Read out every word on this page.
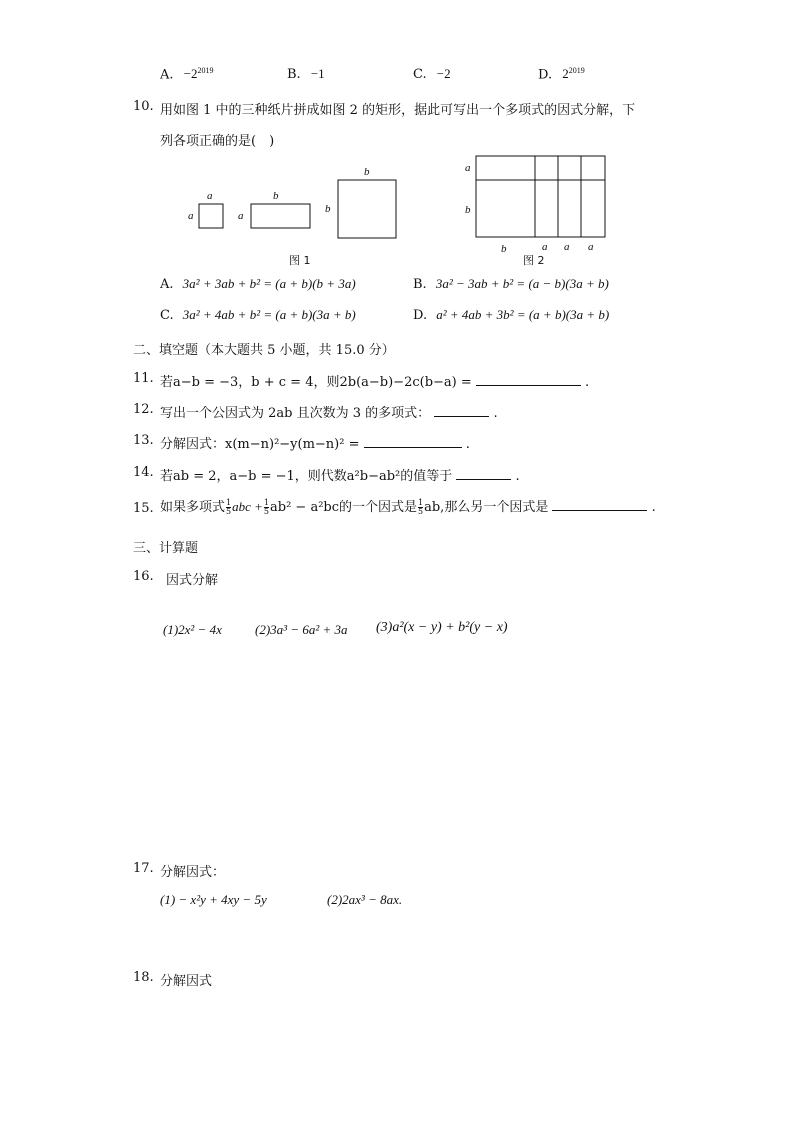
A. $-2^{2019}$	B. −1	C. −2	D. $2^{2019}$
10. 用如图 1 中的三种纸片拼成如图 2 的矩形，据此可写出一个多项式的因式分解，下
列各项正确的是(　)
a
a
b
a
b
b
图 1
a
b
b	a a a
图 2
A. 3a² + 3ab + b² = (a + b)(b + 3a)	B. 3a² − 3ab + b² = (a − b)(3a + b)
C. 3a² + 4ab + b² = (a + b)(3a + b)	D. a² + 4ab + 3b² = (a + b)(3a + b)
二、填空题（本大题共 5 小题，共 15.0 分）
11. 若a−b = −3，b + c = 4，则2b(a−b)−2c(b−a) =	.
12. 写出一个公因式为 2ab 且次数为 3 的多项式：	.
13. 分解因式：x(m−n)²−y(m−n)² =	.
14. 若ab = 2，a−b = −1，则代数a²b−ab²的值等于	.
15. 如果多项式 $\frac{1}{5}$ abc + $\frac{1}{5} ab^2 - a^2bc$的一个因式是 $\frac{1}{5}$ ab,那么另一个因式是	.
三、计算题
16. 因式分解
(1)2x² − 4x	(2)3a³ − 6a² + 3a (3)a²(x − y) + b²(y − x)
17. 分解因式：
(1) − x²y + 4xy − 5y	(2)2ax³ − 8ax.
18. 分解因式
